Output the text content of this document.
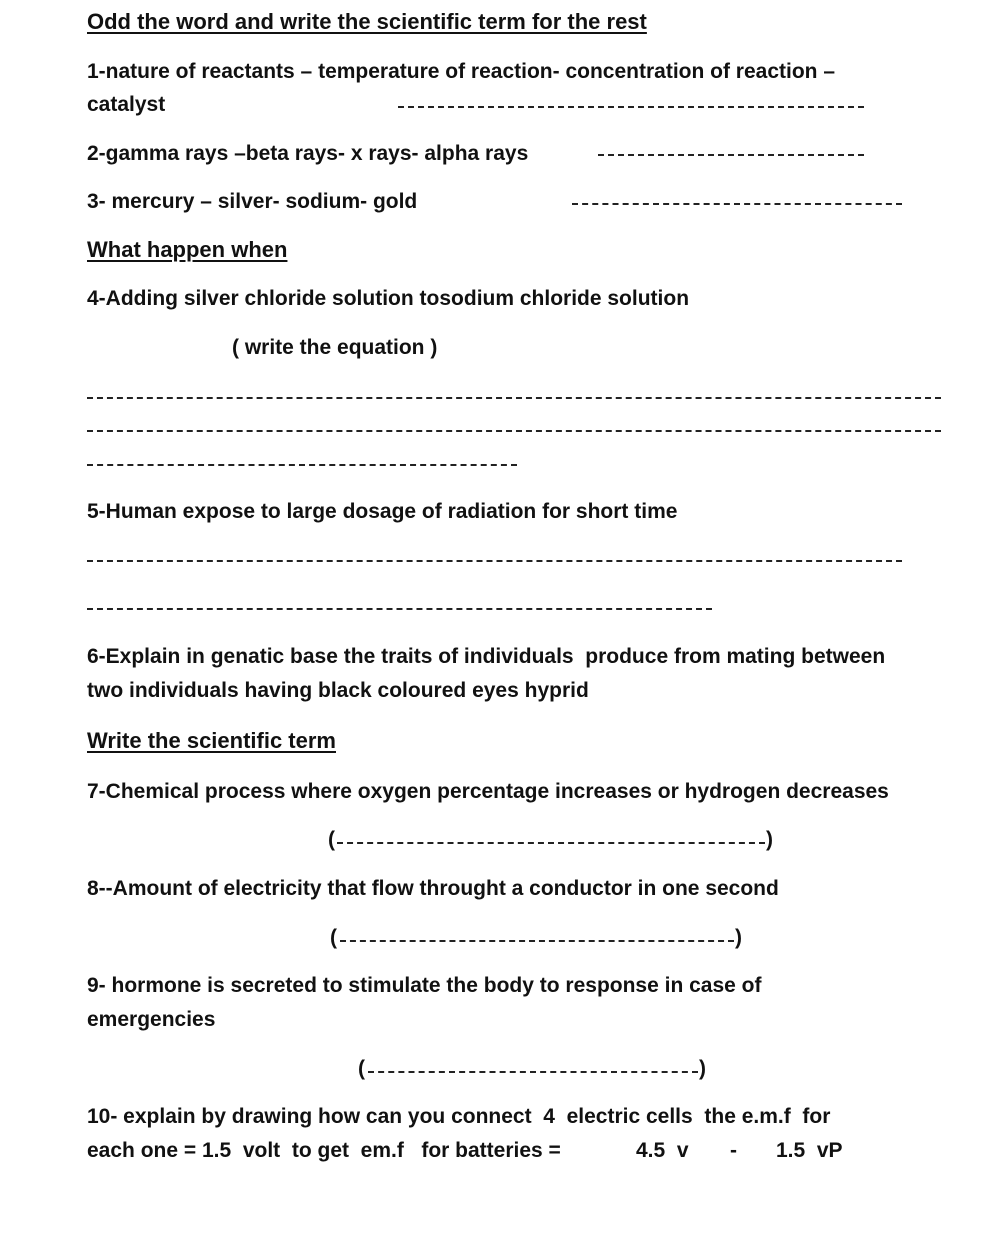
Odd the word and write the scientific term for the rest
1-nature of reactants – temperature of reaction- concentration of reaction –
catalyst
2-gamma rays –beta rays- x rays- alpha rays
3- mercury – silver- sodium- gold
What happen when
4-Adding silver chloride solution tosodium chloride solution
( write the equation )
5-Human expose to large dosage of radiation for short time
6-Explain in genatic base the traits of individuals  produce from mating between
two individuals having black coloured eyes hyprid
Write the scientific term
7-Chemical process where oxygen percentage increases or hydrogen decreases
(	)
8--Amount of electricity that flow throught a conductor in one second
(	)
9- hormone is secreted to stimulate the body to response in case of
emergencies
(	)
10- explain by drawing how can you connect  4  electric cells  the e.m.f  for
each one = 1.5  volt  to get  em.f   for batteries =	4.5  v - 1.5  vP
